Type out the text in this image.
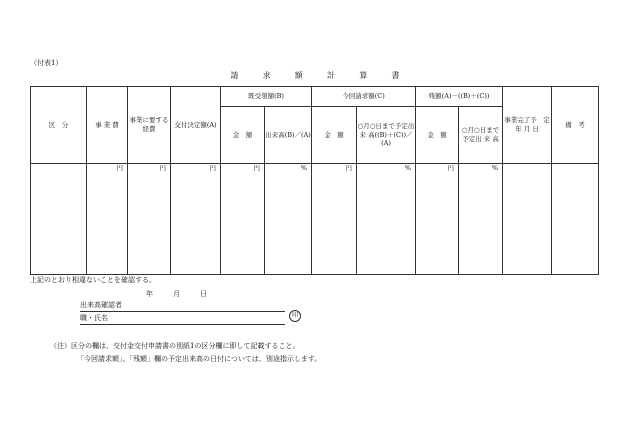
（付表1）
請	求	額	計	算	書
区　分	事 業 費	事業に要する経費	交付決定額(A)	既受領額(B)		今回請求額(C)		残額(A)－((B)＋(C))		事業完了予　定年 月 日	備　考
				金　額	出来高(B)／(A)	金　額	○月○日まで予定出 来 高((B)＋(C))／(A)	金　額	○月○日まで予定出 来 高		
	円	円	円	円	%	円	%	円	%		

上記のとおり相違ないことを確認する。
年	月	日
出来高確認者
職・氏名	印
（注）区分の欄は、交付金交付申請書の別紙1の区分欄に即して記載すること。
「今回請求額」、「残額」欄の予定出来高の日付については、別途指示します。
